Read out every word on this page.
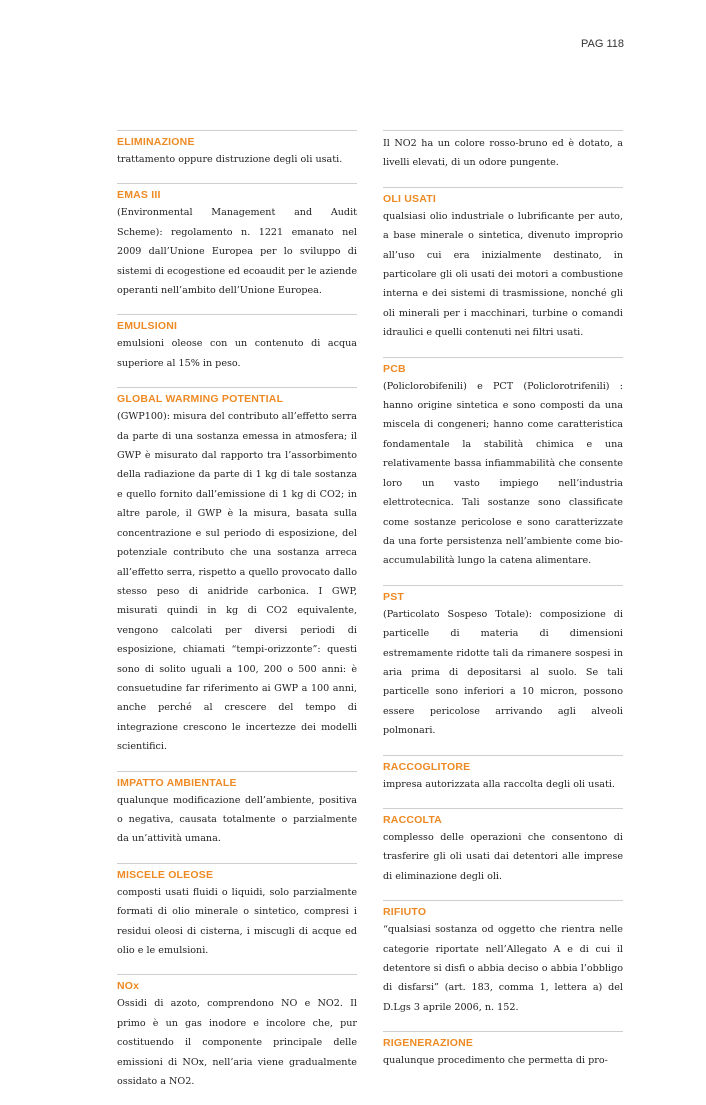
PAG 118
ELIMINAZIONE

trattamento oppure distruzione degli oli usati.

EMAS III

(Environmental Management and Audit Scheme): regolamento n. 1221 emanato nel 2009 dall’Unione Europea per lo sviluppo di sistemi di ecogestione ed ecoaudit per le aziende operanti nell’ambito dell’Unione Europea.

EMULSIONI

emulsioni oleose con un contenuto di acqua superiore al 15% in peso.

GLOBAL WARMING POTENTIAL

(GWP100): misura del contributo all’effetto serra da parte di una sostanza emessa in atmosfera; il GWP è misurato dal rapporto tra l’assorbimento della radiazione da parte di 1 kg di tale sostanza e quello fornito dall’emissione di 1 kg di CO2; in altre parole, il GWP è la misura, basata sulla concentrazione e sul periodo di esposizione, del potenziale contributo che una sostanza arreca all’effetto serra, rispetto a quello provocato dallo stesso peso di anidride carbonica. I GWP, misurati quindi in kg di CO2 equivalente, vengono calcolati per diversi periodi di esposizione, chiamati “tempi-orizzonte”: questi sono di solito uguali a 100, 200 o 500 anni: è consuetudine far riferimento ai GWP a 100 anni, anche perché al crescere del tempo di integrazione crescono le incertezze dei modelli scientifici.

IMPATTO AMBIENTALE

qualunque modificazione dell’ambiente, positiva o negativa, causata totalmente o parzialmente da un’attività umana.

MISCELE OLEOSE

composti usati fluidi o liquidi, solo parzialmente formati di olio minerale o sintetico, compresi i residui oleosi di cisterna, i miscugli di acque ed olio e le emulsioni.

NOx

Ossidi di azoto, comprendono NO e NO2. Il primo è un gas inodore e incolore che, pur costituendo il componente principale delle emissioni di NOx, nell’aria viene gradualmente ossidato a NO2.

Il NO2 ha un colore rosso-bruno ed è dotato, a livelli elevati, di un odore pungente.

OLI USATI

qualsiasi olio industriale o lubrificante per auto, a base minerale o sintetica, divenuto improprio all’uso cui era inizialmente destinato, in particolare gli oli usati dei motori a combustione interna e dei sistemi di trasmissione, nonché gli oli minerali per i macchinari, turbine o comandi idraulici e quelli contenuti nei filtri usati.

PCB

(Policlorobifenili) e PCT (Policlorotrifenili) : hanno origine sintetica e sono composti da una miscela di congeneri; hanno come caratteristica fondamentale la stabilità chimica e una relativamente bassa infiammabilità che consente loro un vasto impiego nell’industria elettrotecnica. Tali sostanze sono classificate come sostanze pericolose e sono caratterizzate da una forte persistenza nell’ambiente come bio-accumulabilità lungo la catena alimentare.

PST

(Particolato Sospeso Totale): composizione di particelle di materia di dimensioni estremamente ridotte tali da rimanere sospesi in aria prima di depositarsi al suolo. Se tali particelle sono inferiori a 10 micron, possono essere pericolose arrivando agli alveoli polmonari.

RACCOGLITORE

impresa autorizzata alla raccolta degli oli usati.

RACCOLTA

complesso delle operazioni che consentono di trasferire gli oli usati dai detentori alle imprese di eliminazione degli oli.

RIFIUTO

“qualsiasi sostanza od oggetto che rientra nelle categorie riportate nell’Allegato A e di cui il detentore si disfi o abbia deciso o abbia l’obbligo di disfarsi” (art. 183, comma 1, lettera a) del D.Lgs 3 aprile 2006, n. 152.

RIGENERAZIONE

qualunque procedimento che permetta di pro-
